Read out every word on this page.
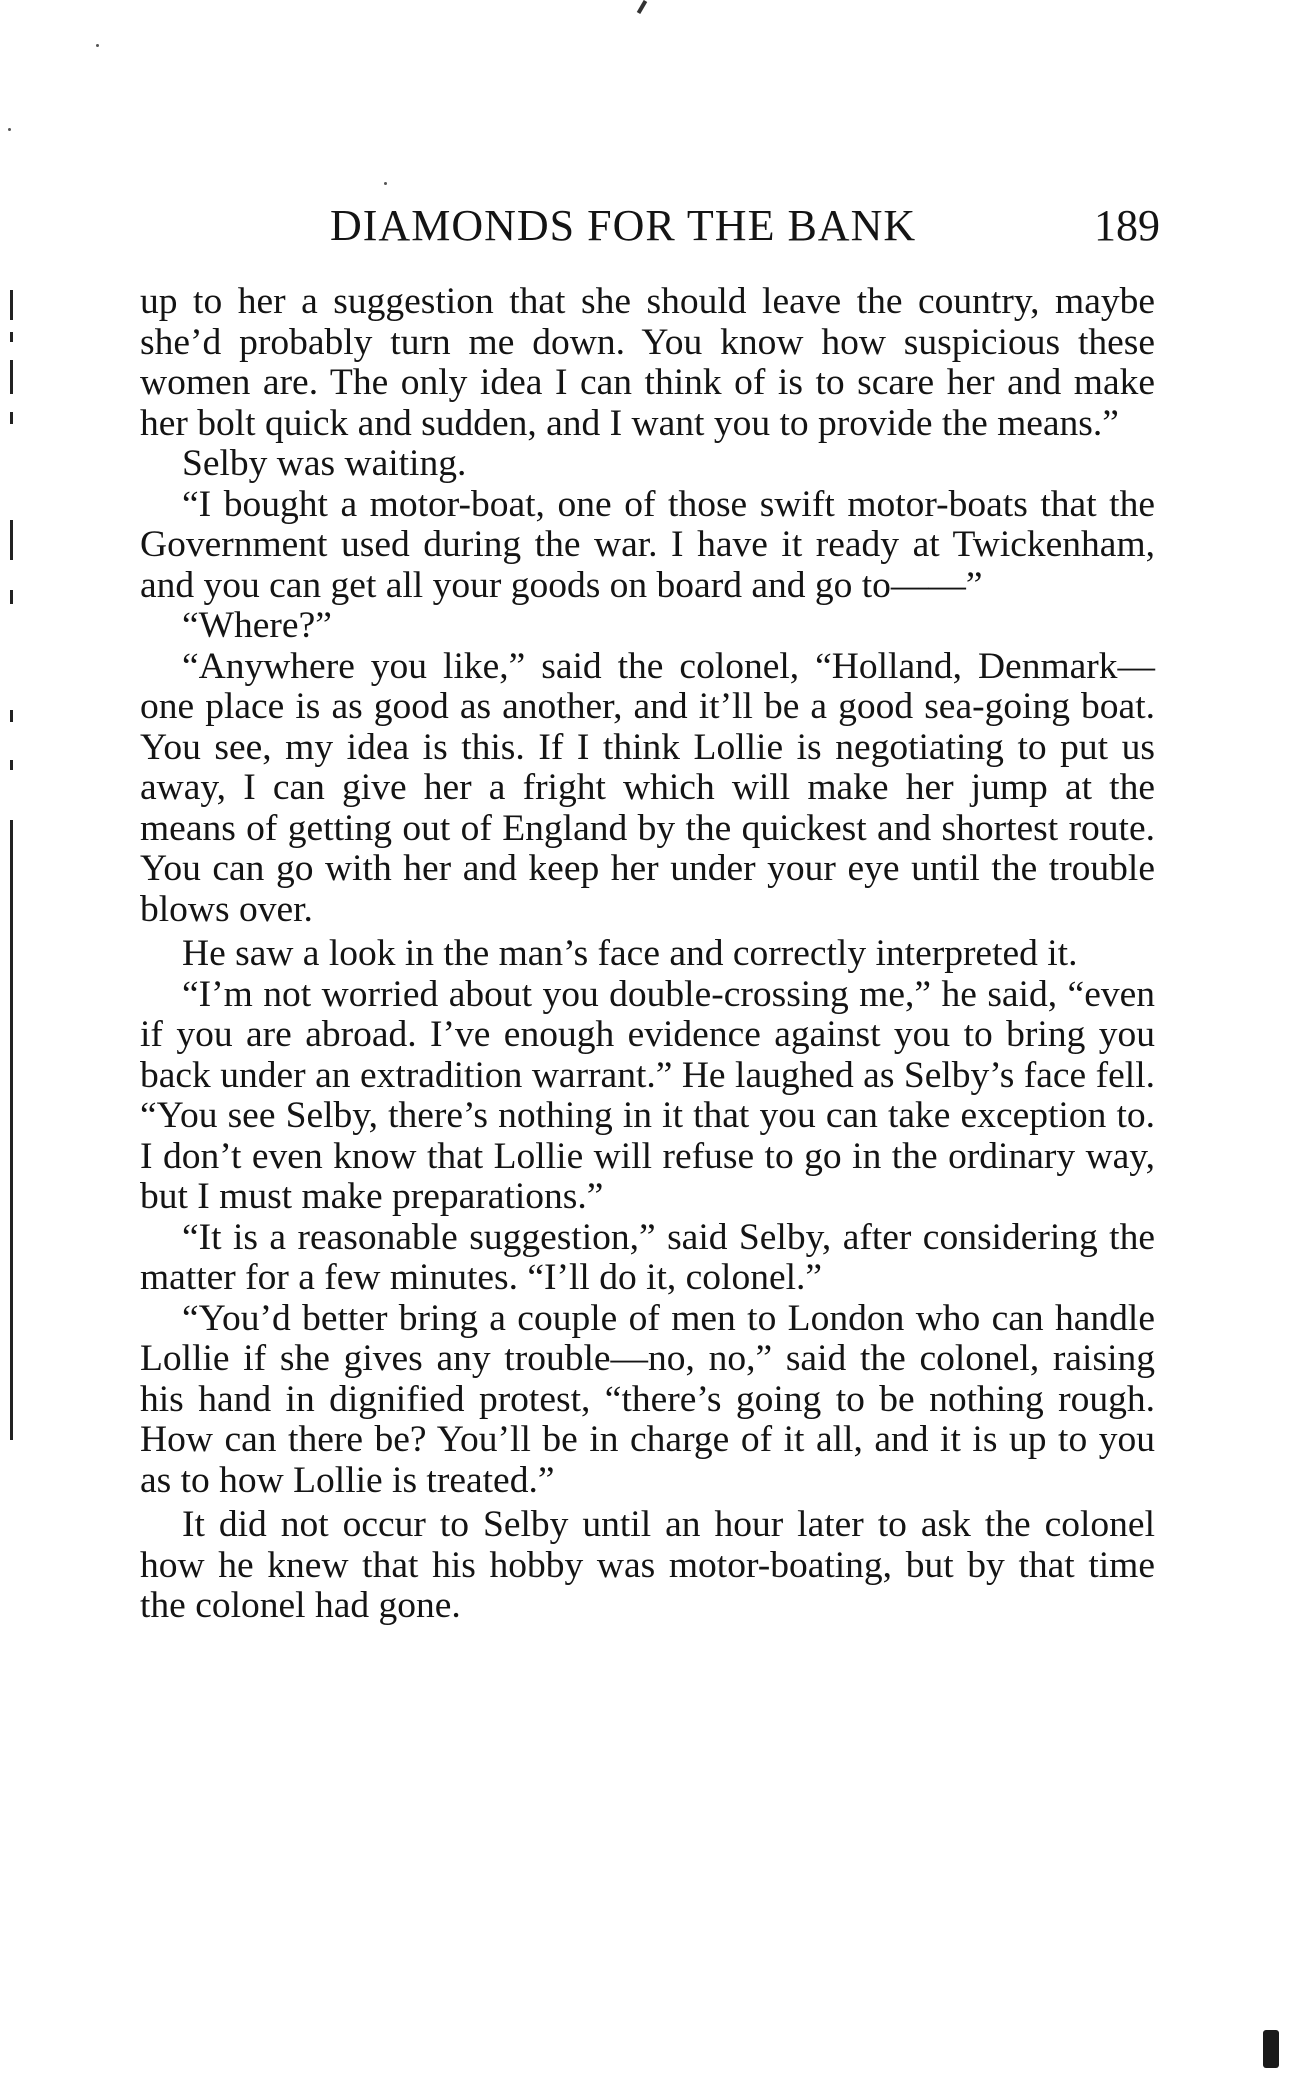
DIAMONDS FOR THE BANK	189

up to her a suggestion that she should leave the country, maybe she’d probably turn me down. You know how suspicious these women are. The only idea I can think of is to scare her and make her bolt quick and sudden, and I want you to provide the means.”

Selby was waiting.

“I bought a motor-boat, one of those swift motor-boats that the Government used during the war. I have it ready at Twickenham, and you can get all your goods on board and go to——”

“Where?”

“Anywhere you like,” said the colonel, “Holland, Denmark—one place is as good as another, and it’ll be a good sea-going boat. You see, my idea is this. If I think Lollie is negotiating to put us away, I can give her a fright which will make her jump at the means of getting out of England by the quickest and shortest route. You can go with her and keep her under your eye until the trouble blows over.

He saw a look in the man’s face and correctly interpreted it.

“I’m not worried about you double-crossing me,” he said, “even if you are abroad. I’ve enough evidence against you to bring you back under an extradition warrant.” He laughed as Selby’s face fell. “You see Selby, there’s nothing in it that you can take exception to. I don’t even know that Lollie will refuse to go in the ordinary way, but I must make preparations.”

“It is a reasonable suggestion,” said Selby, after considering the matter for a few minutes. “I’ll do it, colonel.”

“You’d better bring a couple of men to London who can handle Lollie if she gives any trouble—no, no,” said the colonel, raising his hand in dignified protest, “there’s going to be nothing rough. How can there be? You’ll be in charge of it all, and it is up to you as to how Lollie is treated.”

It did not occur to Selby until an hour later to ask the colonel how he knew that his hobby was motor-boating, but by that time the colonel had gone.
